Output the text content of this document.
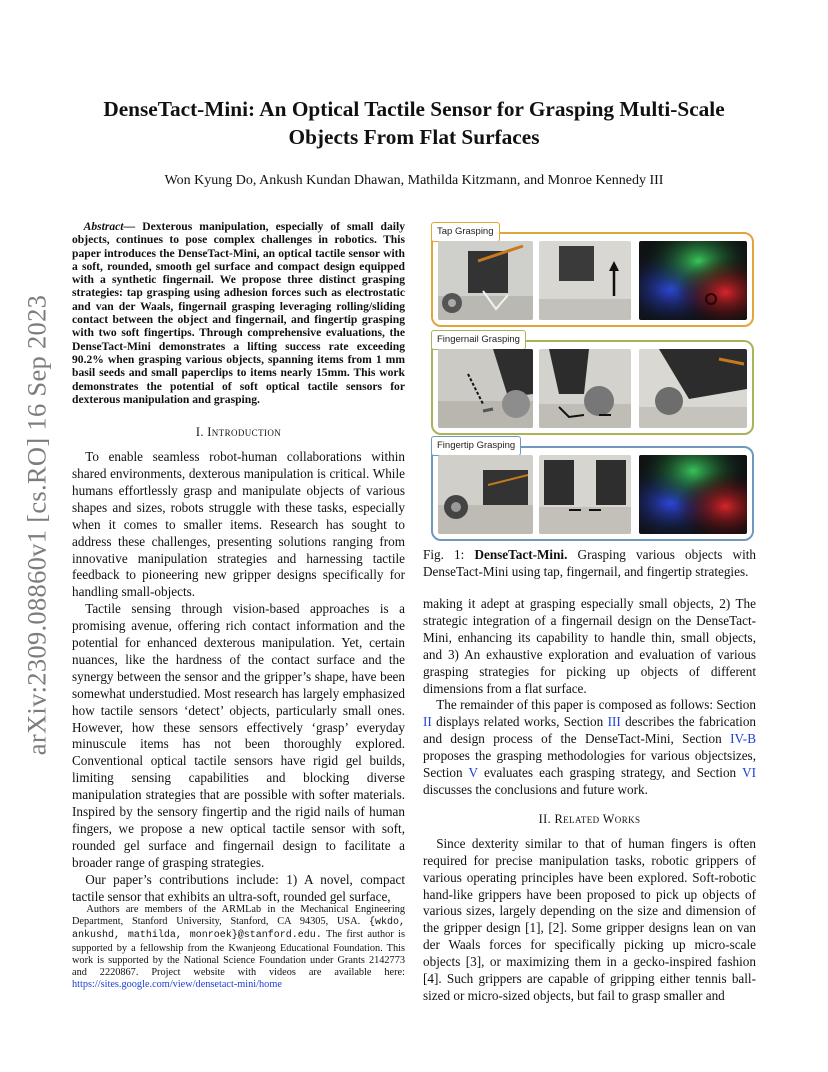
arXiv:2309.08860v1 [cs.RO] 16 Sep 2023
DenseTact-Mini: An Optical Tactile Sensor for Grasping Multi-Scale Objects From Flat Surfaces

Won Kyung Do, Ankush Kundan Dhawan, Mathilda Kitzmann, and Monroe Kennedy III

Abstract— Dexterous manipulation, especially of small daily objects, continues to pose complex challenges in robotics. This paper introduces the DenseTact-Mini, an optical tactile sensor with a soft, rounded, smooth gel surface and compact design equipped with a synthetic fingernail. We propose three distinct grasping strategies: tap grasping using adhesion forces such as electrostatic and van der Waals, fingernail grasping leveraging rolling/sliding contact between the object and fingernail, and fingertip grasping with two soft fingertips. Through comprehensive evaluations, the DenseTact-Mini demonstrates a lifting success rate exceeding 90.2% when grasping various objects, spanning items from 1 mm basil seeds and small paperclips to items nearly 15mm. This work demonstrates the potential of soft optical tactile sensors for dexterous manipulation and grasping.

I. Introduction

To enable seamless robot-human collaborations within shared environments, dexterous manipulation is critical. While humans effortlessly grasp and manipulate objects of various shapes and sizes, robots struggle with these tasks, especially when it comes to smaller items. Research has sought to address these challenges, presenting solutions ranging from innovative manipulation strategies and harnessing tactile feedback to pioneering new gripper designs specifically for handling small-objects.

Tactile sensing through vision-based approaches is a promising avenue, offering rich contact information and the potential for enhanced dexterous manipulation. Yet, certain nuances, like the hardness of the contact surface and the synergy between the sensor and the gripper’s shape, have been somewhat understudied. Most research has largely emphasized how tactile sensors ‘detect’ objects, particularly small ones. However, how these sensors effectively ‘grasp’ everyday minuscule items has not been thoroughly explored. Conventional optical tactile sensors have rigid gel builds, limiting sensing capabilities and blocking diverse manipulation strategies that are possible with softer materials. Inspired by the sensory fingertip and the rigid nails of human fingers, we propose a new optical tactile sensor with soft, rounded gel surface and fingernail design to facilitate a broader range of grasping strategies.

Our paper’s contributions include: 1) A novel, compact tactile sensor that exhibits an ultra-soft, rounded gel surface,

Authors are members of the ARMLab in the Mechanical Engineering Department, Stanford University, Stanford, CA 94305, USA. {wkdo, ankushd, mathilda, monroek}@stanford.edu. The first author is supported by a fellowship from the Kwanjeong Educational Foundation. This work is supported by the National Science Foundation under Grants 2142773 and 2220867. Project website with videos are available here: https://sites.google.com/view/densetact-mini/home
Tap Grasping
Fingernail Grasping
Fingertip Grasping

Fig. 1: DenseTact-Mini. Grasping various objects with DenseTact-Mini using tap, fingernail, and fingertip strategies.

making it adept at grasping especially small objects, 2) The strategic integration of a fingernail design on the DenseTact-Mini, enhancing its capability to handle thin, small objects, and 3) An exhaustive exploration and evaluation of various grasping strategies for picking up objects of different dimensions from a flat surface.

The remainder of this paper is composed as follows: Section II displays related works, Section III describes the fabrication and design process of the DenseTact-Mini, Section IV-B proposes the grasping methodologies for various objectsizes, Section V evaluates each grasping strategy, and Section VI discusses the conclusions and future work.

II. Related Works

Since dexterity similar to that of human fingers is often required for precise manipulation tasks, robotic grippers of various operating principles have been explored. Soft-robotic hand-like grippers have been proposed to pick up objects of various sizes, largely depending on the size and dimension of the gripper design [1], [2]. Some gripper designs lean on van der Waals forces for specifically picking up micro-scale objects [3], or maximizing them in a gecko-inspired fashion [4]. Such grippers are capable of gripping either tennis ball-sized or micro-sized objects, but fail to grasp smaller and
